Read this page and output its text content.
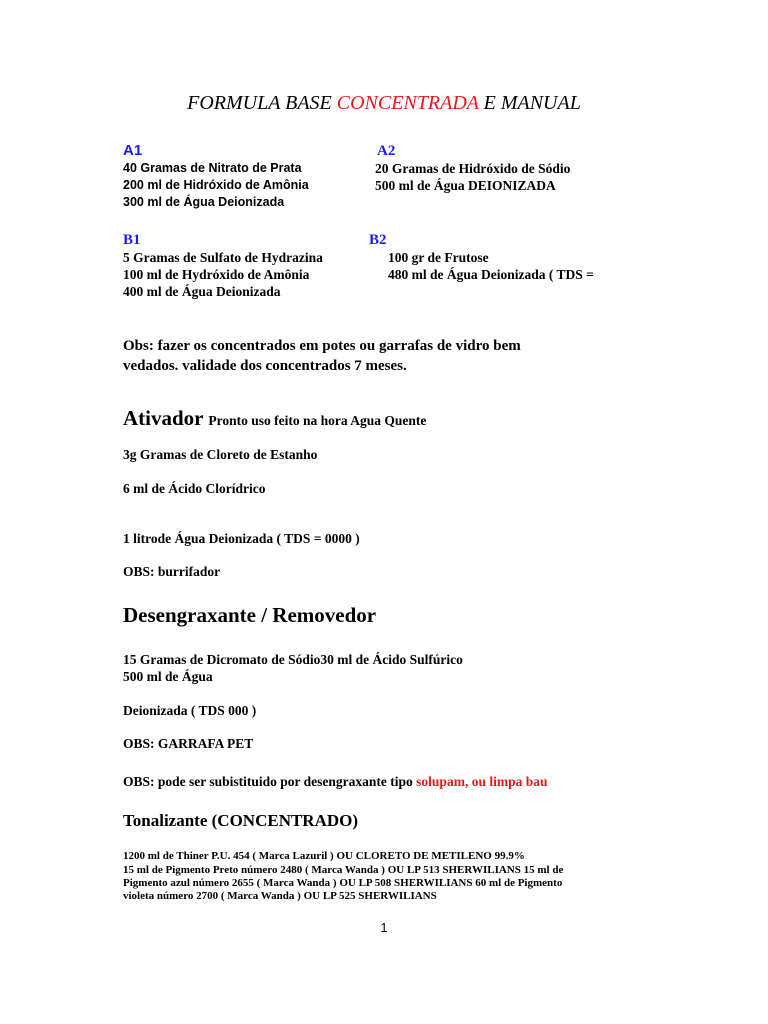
FORMULA BASE CONCENTRADA E MANUAL
A1
40 Gramas de Nitrato de Prata
200 ml de Hidróxido de Amônia
300 ml de Água Deionizada
A2
20 Gramas de Hidróxido de Sódio
500 ml de Água DEIONIZADA
B1
5 Gramas de Sulfato de Hydrazina
100 ml de Hydróxido de Amônia
400 ml de Água Deionizada
B2
100 gr de Frutose
480 ml de Água Deionizada ( TDS =
Obs: fazer os concentrados em potes ou garrafas de vidro bem
vedados. validade dos concentrados 7 meses.
Ativador Pronto uso feito na hora Agua Quente
3g Gramas de Cloreto de Estanho
6 ml de Ácido Clorídrico
1 litrode Água Deionizada ( TDS = 0000 )
OBS: burrifador
Desengraxante / Removedor
15 Gramas de Dicromato de Sódio30 ml de Ácido Sulfúrico
500 ml de Água
Deionizada ( TDS 000 )
OBS: GARRAFA PET
OBS: pode ser subistituido por desengraxante tipo solupam, ou limpa bau
Tonalizante (CONCENTRADO)
1200 ml de Thiner P.U. 454 ( Marca Lazuril ) OU CLORETO DE METILENO 99.9%
15 ml de Pigmento Preto número 2480 ( Marca Wanda ) OU LP 513 SHERWILIANS 15 ml de
Pigmento azul número 2655 ( Marca Wanda ) OU LP 508 SHERWILIANS 60 ml de Pigmento
violeta número 2700 ( Marca Wanda ) OU LP 525 SHERWILIANS
1
